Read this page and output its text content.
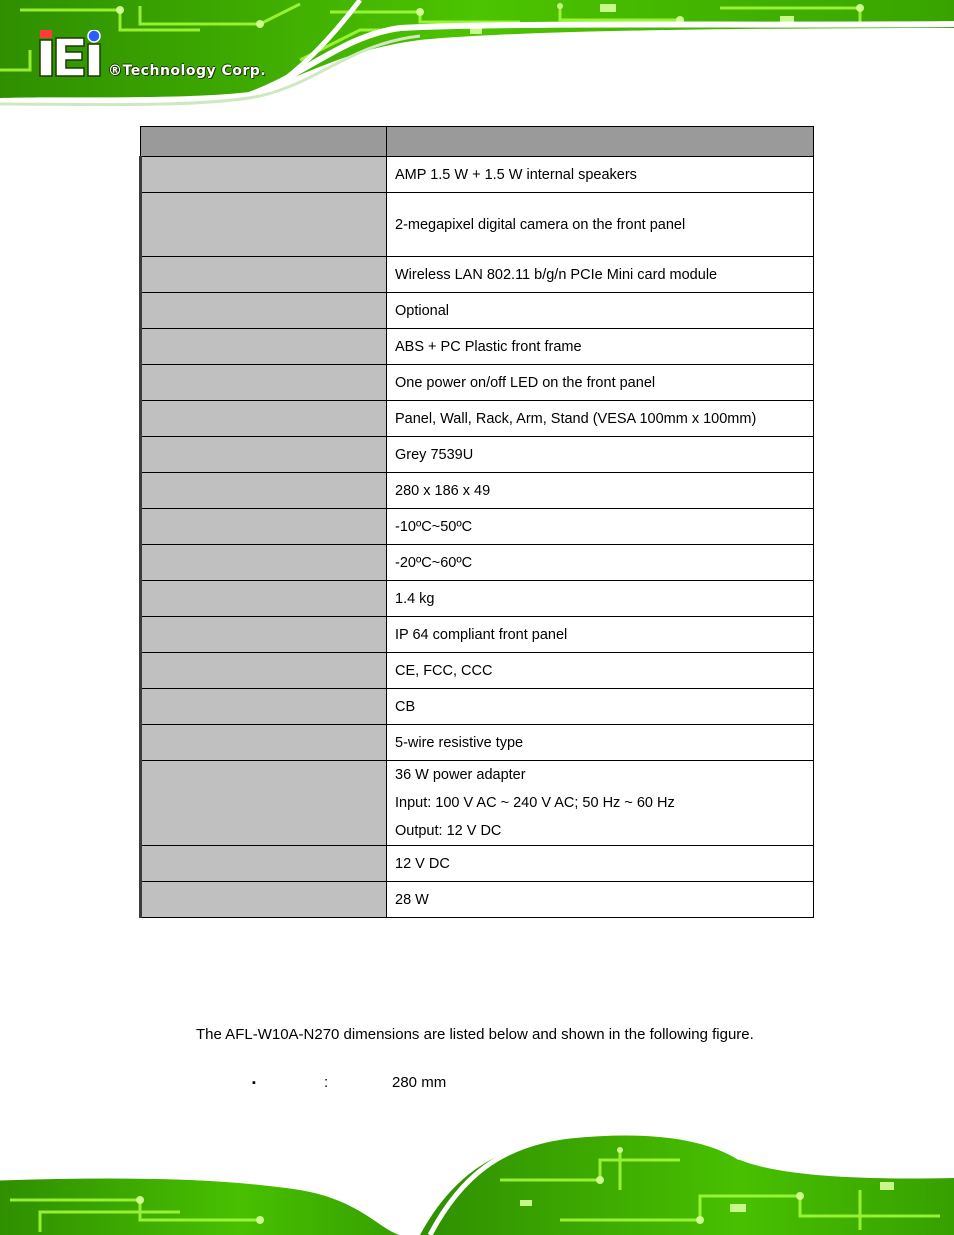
®Technology Corp.

	AMP 1.5 W + 1.5 W internal speakers

	2-megapixel digital camera on the front panel

	Wireless LAN 802.11 b/g/n PCIe Mini card module

	Optional

	ABS + PC Plastic front frame

	One power on/off LED on the front panel

	Panel, Wall, Rack, Arm, Stand (VESA 100mm x 100mm)

	Grey 7539U

	280 x 186 x 49

	-10ºC~50ºC

	-20ºC~60ºC

	1.4 kg

	IP 64 compliant front panel

	CE, FCC, CCC

	CB

	5-wire resistive type

	36 W power adapter
Input: 100 V AC ~ 240 V AC; 50 Hz ~ 60 Hz
Output: 12 V DC

	12 V DC

	28 W
The AFL-W10A-N270 dimensions are listed below and shown in the following figure.
▪	:	280 mm
